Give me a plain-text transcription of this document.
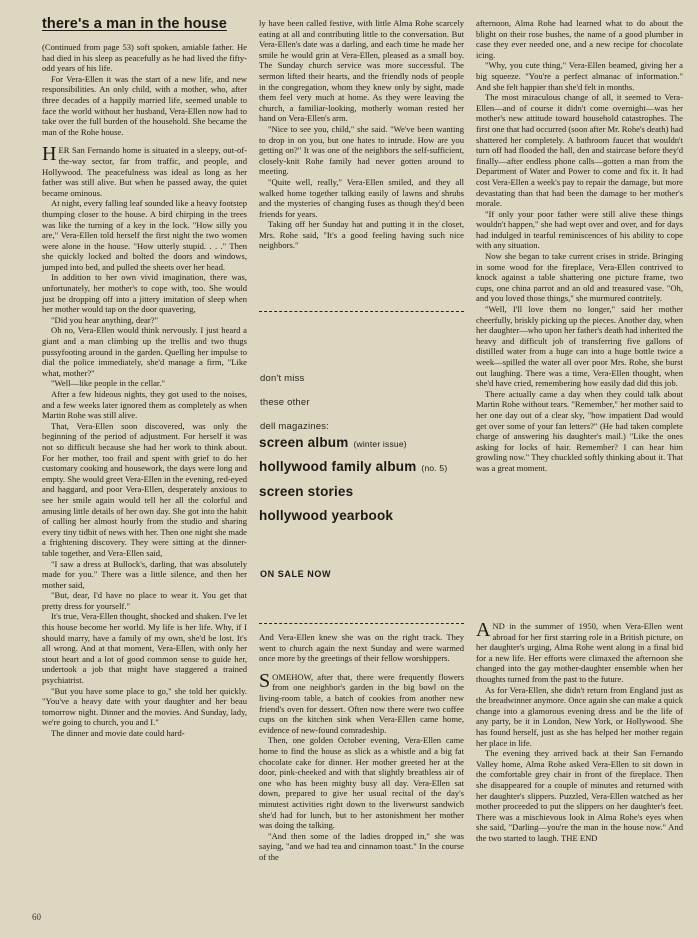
there's a man in the house

(Continued from page 53) soft spoken, amiable father. He had died in his sleep as peacefully as he had lived the fifty-odd years of his life.

For Vera-Ellen it was the start of a new life, and new responsibilities. An only child, with a mother, who, after three decades of a happily married life, seemed unable to face the world without her husband, Vera-Ellen now had to take over the full burden of the household. She became the man of the Rohe house.

HER San Fernando home is situated in a sleepy, out-of-the-way sector, far from traffic, and people, and Hollywood. The peacefulness was ideal as long as her father was still alive. But when he passed away, the quiet became ominous.

At night, every falling leaf sounded like a heavy footstep thumping closer to the house. A bird chirping in the trees was like the turning of a key in the lock. "How silly you are," Vera-Ellen told herself the first night the two women were alone in the house. "How utterly stupid. . . ." Then she quickly locked and bolted the doors and windows, jumped into bed, and pulled the sheets over her head.

In addition to her own vivid imagination, there was, unfortunately, her mother's to cope with, too. She would just be dropping off into a jittery imitation of sleep when her mother would tap on the door quavering,

"Did you hear anything, dear?"

Oh no, Vera-Ellen would think nervously. I just heard a giant and a man climbing up the trellis and two thugs pussyfooting around in the garden. Quelling her impulse to dial the police immediately, she'd manage a firm, "Like what, mother?"

"Well—like people in the cellar."

After a few hideous nights, they got used to the noises, and a few weeks later ignored them as completely as when Martin Rohe was still alive.

That, Vera-Ellen soon discovered, was only the beginning of the period of adjustment. For herself it was not so difficult because she had her work to think about. For her mother, too frail and spent with grief to do her customary cooking and housework, the days were long and empty. She would greet Vera-Ellen in the evening, red-eyed and haggard, and poor Vera-Ellen, desperately anxious to see her smile again would tell her all the colorful and amusing little details of her own day. She got into the habit of calling her almost hourly from the studio and sharing every tiny tidbit of news with her. Then one night she made a frightening discovery. They were sitting at the dinner-table together, and Vera-Ellen said,

"I saw a dress at Bullock's, darling, that was absolutely made for you." There was a little silence, and then her mother said,

"But, dear, I'd have no place to wear it. You get that pretty dress for yourself."

It's true, Vera-Ellen thought, shocked and shaken. I've let this house become her world. My life is her life. Why, if I should marry, have a family of my own, she'd be lost. It's all wrong. And at that moment, Vera-Ellen, with only her stout heart and a lot of good common sense to guide her, undertook a job that might have staggered a trained psychiatrist.

"But you have some place to go," she told her quickly. "You've a heavy date with your daughter and her beau tomorrow night. Dinner and the movies. And Sunday, lady, we're going to church, you and I."

The dinner and movie date could hard-

ly have been called festive, with little Alma Rohe scarcely eating at all and contributing little to the conversation. But Vera-Ellen's date was a darling, and each time he made her smile he would grin at Vera-Ellen, pleased as a small boy. The Sunday church service was more successful. The sermon lifted their hearts, and the friendly nods of people in the congregation, whom they knew only by sight, made them feel very much at home. As they were leaving the church, a familiar-looking, motherly woman rested her hand on Vera-Ellen's arm.

"Nice to see you, child," she said. "We've been wanting to drop in on you, but one hates to intrude. How are you getting on?" It was one of the neighbors the self-sufficient, closely-knit Rohe family had never gotten around to meeting.

"Quite well, really," Vera-Ellen smiled, and they all walked home together talking easily of lawns and shrubs and the mysteries of changing fuses as though they'd been friends for years.

Taking off her Sunday hat and putting it in the closet, Mrs. Rohe said, "It's a good feeling having such nice neighbors."

don't miss
these other
dell magazines:
screen album (winter issue)
hollywood family album (no. 5)
screen stories
hollywood yearbook
ON SALE NOW

And Vera-Ellen knew she was on the right track. They went to church again the next Sunday and were warmed once more by the greetings of their fellow worshippers.

SOMEHOW, after that, there were frequently flowers from one neighbor's garden in the big bowl on the living-room table, a batch of cookies from another new friend's oven for dessert. Often now there were two coffee cups on the kitchen sink when Vera-Ellen came home, evidence of new-found comradeship.

Then, one golden October evening, Vera-Ellen came home to find the house as slick as a whistle and a big fat chocolate cake for dinner. Her mother greeted her at the door, pink-cheeked and with that slightly breathless air of one who has been mighty busy all day. Vera-Ellen sat down, prepared to give her usual recital of the day's minutest activities right down to the liverwurst sandwich she'd had for lunch, but to her astonishment her mother was doing the talking.

"And then some of the ladies dropped in," she was saying, "and we had tea and cinnamon toast." In the course of the

afternoon, Alma Rohe had learned what to do about the blight on their rose bushes, the name of a good plumber in case they ever needed one, and a new recipe for chocolate icing.

"Why, you cute thing," Vera-Ellen beamed, giving her a big squeeze. "You're a perfect almanac of information." And she felt happier than she'd felt in months.

The most miraculous change of all, it seemed to Vera-Ellen—and of course it didn't come overnight—was her mother's new attitude toward household catastrophes. The first one that had occurred (soon after Mr. Rohe's death) had shattered her completely. A bathroom faucet that wouldn't turn off had flooded the hall, den and staircase before they'd finally—after endless phone calls—gotten a man from the Department of Water and Power to come and fix it. It had cost Vera-Ellen a week's pay to repair the damage, but more devastating than that had been the damage to her mother's morale.

"If only your poor father were still alive these things wouldn't happen," she had wept over and over, and for days had indulged in tearful reminiscences of his ability to cope with any situation.

Now she began to take current crises in stride. Bringing in some wood for the fireplace, Vera-Ellen contrived to knock against a table shattering one picture frame, two cups, one china parrot and an old and treasured vase. "Oh, and you loved those things," she murmured contritely.

"Well, I'll love them no longer," said her mother cheerfully, briskly picking up the pieces. Another day, when her daughter—who upon her father's death had inherited the heavy and difficult job of transferring five gallons of distilled water from a huge can into a huge bottle twice a week—spilled the water all over poor Mrs. Rohe, she burst out laughing. There was a time, Vera-Ellen thought, when she'd have cried, remembering how easily dad did this job.

There actually came a day when they could talk about Martin Rohe without tears. "Remember," her mother said to her one day out of a clear sky, "how impatient Dad would get over some of your fan letters?" (He had taken complete charge of answering his daughter's mail.) "Like the ones asking for locks of hair. Remember? I can hear him growling now." They chuckled softly thinking about it. That was a great moment.

AND in the summer of 1950, when Vera-Ellen went abroad for her first starring role in a British picture, on her daughter's urging, Alma Rohe went along in a final bid for a new life. Her efforts were climaxed the afternoon she changed into the gay mother-daughter ensemble when her thoughts turned from the past to the future.

As for Vera-Ellen, she didn't return from England just as the breadwinner anymore. Once again she can make a quick change into a glamorous evening dress and be the life of any party, be it in London, New York, or Hollywood. She has found herself, just as she has helped her mother regain her place in life.

The evening they arrived back at their San Fernando Valley home, Alma Rohe asked Vera-Ellen to sit down in the comfortable grey chair in front of the fireplace. Then she disappeared for a couple of minutes and returned with her daughter's slippers. Puzzled, Vera-Ellen watched as her mother proceeded to put the slippers on her daughter's feet. There was a mischievous look in Alma Rohe's eyes when she said, "Darling—you're the man in the house now." And the two started to laugh. THE END

60
